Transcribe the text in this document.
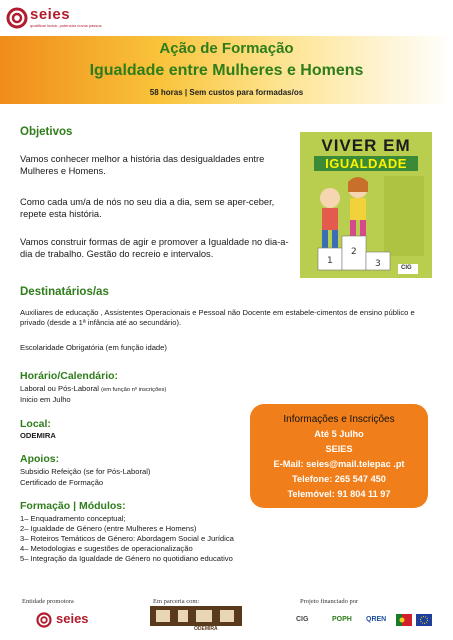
seies
qualificar incluir, potenciar novos passos
Ação de Formação
Igualdade entre Mulheres e Homens
58 horas | Sem custos para formadas/os
Objetivos
Vamos conhecer melhor a história das desigualdades entre Mulheres e Homens.
Como cada um/a de nós no seu dia a dia, sem se aper-ceber, repete esta história.
Vamos construir formas de agir e promover a Igualdade no dia-a-dia de trabalho. Gestão do recreio e intervalos.
VIVER EM
IGUALDADE
1
2
3	CIG
Destinatários/as
Auxiliares de educação , Assistentes Operacionais e Pessoal não Docente em estabele-cimentos de ensino público e privado (desde a 1ª infância até ao secundário).
Escolaridade Obrigatória (em função idade)
Horário/Calendário:
Laboral ou Pós-Laboral (em função nº inscrições)
Inicio em Julho
Local:
ODEMIRA
Apoios:
Subsidio Refeição (se for Pós-Laboral)
Certificado de Formação
Formação | Módulos:
1– Enquadramento conceptual;
2– Igualdade de Género (entre Mulheres e Homens)
3– Roteiros Temáticos de Género: Abordagem Social e Jurídica
4– Metodologias e sugestões de operacionalização
5– Integração da Igualdade de Género no quotidiano educativo
Informações e Inscrições
Até 5 Julho
SEIES
E-Mail: seies@mail.telepac .pt
Telefone: 265 547 450
Telemóvel: 91 804 11 97
Entidade promotora
seies
Em parceria com:
ODEMIRA
Projeto financiado por
CIG	POPH QREN
